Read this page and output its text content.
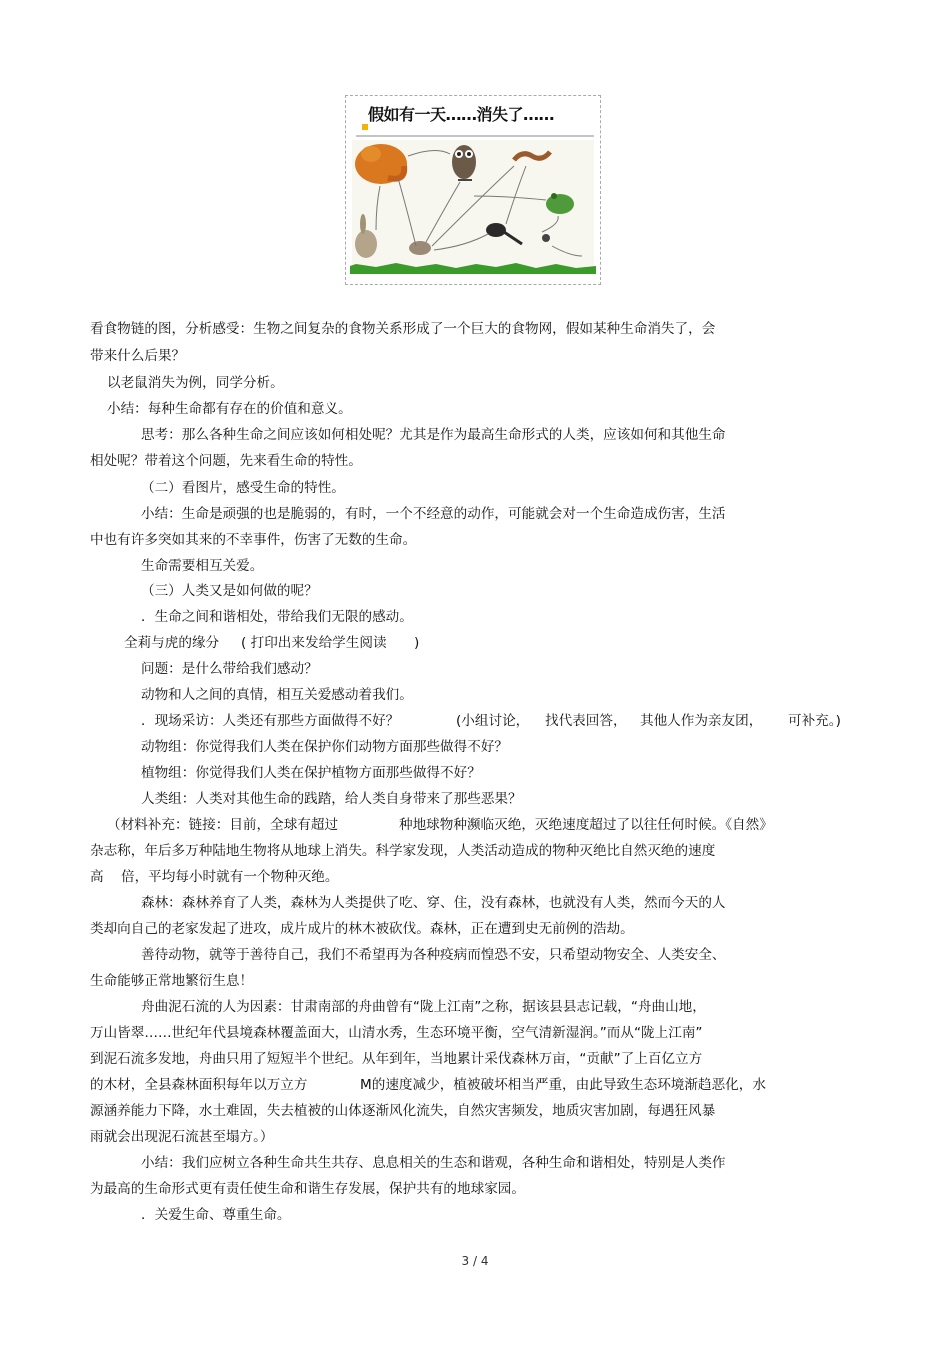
假如有一天……消失了……
看食物链的图，分析感受：生物之间复杂的食物关系形成了一个巨大的食物网，假如某种生命消失了，会
带来什么后果？
以老鼠消失为例，同学分析。
小结：每种生命都有存在的价值和意义。
思考：那么各种生命之间应该如何相处呢？尤其是作为最高生命形式的人类，应该如何和其他生命
相处呢？带着这个问题，先来看生命的特性。
（二）看图片，感受生命的特性。
小结：生命是顽强的也是脆弱的，有时，一个不经意的动作，可能就会对一个生命造成伤害，生活
中也有许多突如其来的不幸事件，伤害了无数的生命。
生命需要相互关爱。
（三）人类又是如何做的呢？
．生命之间和谐相处，带给我们无限的感动。
全莉与虎的缘分 ( 打印出来发给学生阅读 )
问题：是什么带给我们感动？
动物和人之间的真情，相互关爱感动着我们。
．现场采访：人类还有那些方面做得不好？	(小组讨论， 找代表回答， 其他人作为亲友团， 可补充。)
动物组：你觉得我们人类在保护你们动物方面那些做得不好？
植物组：你觉得我们人类在保护植物方面那些做得不好？
人类组：人类对其他生命的践踏，给人类自身带来了那些恶果？
（材料补充：链接：目前，全球有超过	种地球物种濒临灭绝，灭绝速度超过了以往任何时候。《自然》
杂志称，年后多万种陆地生物将从地球上消失。科学家发现，人类活动造成的物种灭绝比自然灭绝的速度
高 倍，平均每小时就有一个物种灭绝。
森林：森林养育了人类，森林为人类提供了吃、穿、住，没有森林，也就没有人类，然而今天的人
类却向自己的老家发起了进攻，成片成片的林木被砍伐。森林，正在遭到史无前例的浩劫。
善待动物，就等于善待自己，我们不希望再为各种疫病而惶恐不安，只希望动物安全、人类安全、
生命能够正常地繁衍生息！
舟曲泥石流的人为因素：甘肃南部的舟曲曾有“陇上江南”之称，据该县县志记载，“舟曲山地，
万山皆翠……世纪年代县境森林覆盖面大，山清水秀，生态环境平衡，空气清新湿润。”而从“陇上江南”
到泥石流多发地，舟曲只用了短短半个世纪。从年到年，当地累计采伐森林万亩，“贡献”了上百亿立方
的木材，全县森林面积每年以万立方	M的速度减少，植被破坏相当严重，由此导致生态环境渐趋恶化，水
源涵养能力下降，水土难固，失去植被的山体逐渐风化流失，自然灾害频发，地质灾害加剧，每遇狂风暴
雨就会出现泥石流甚至塌方。）
小结：我们应树立各种生命共生共存、息息相关的生态和谐观，各种生命和谐相处，特别是人类作
为最高的生命形式更有责任使生命和谐生存发展，保护共有的地球家园。
．关爱生命、尊重生命。
3 / 4
